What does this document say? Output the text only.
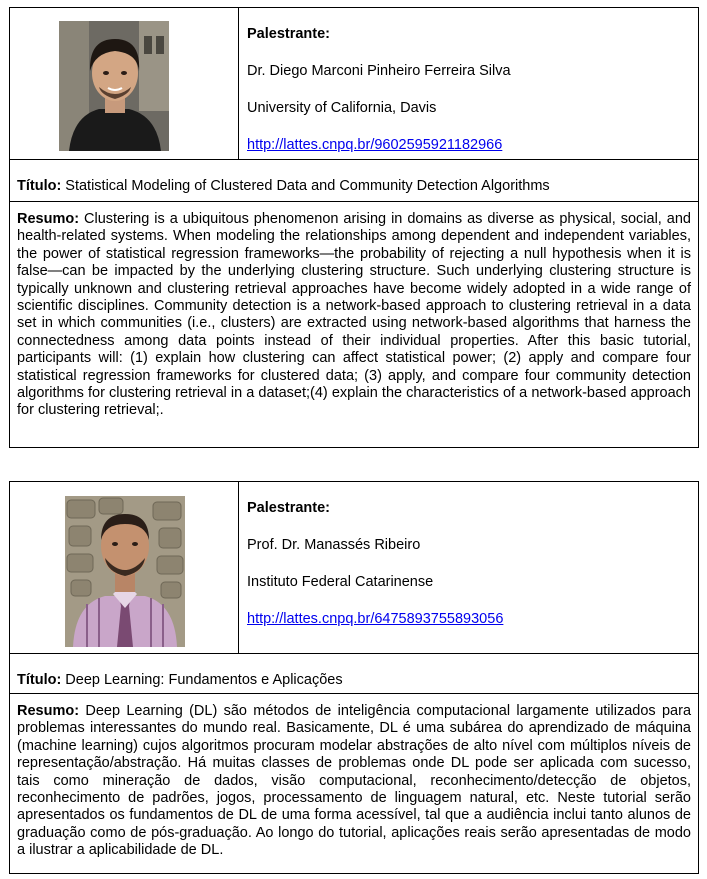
Palestrante:

Dr. Diego Marconi Pinheiro Ferreira Silva

University of California, Davis

http://lattes.cnpq.br/9602595921182966

Título: Statistical Modeling of Clustered Data and Community Detection Algorithms
Resumo: Clustering is a ubiquitous phenomenon arising in domains as diverse as physical, social, and health-related systems. When modeling the relationships among dependent and independent variables, the power of statistical regression frameworks—the probability of rejecting a null hypothesis when it is false—can be impacted by the underlying clustering structure. Such underlying clustering structure is typically unknown and clustering retrieval approaches have become widely adopted in a wide range of scientific disciplines. Community detection is a network-based approach to clustering retrieval in a data set in which communities (i.e., clusters) are extracted using network-based algorithms that harness the connectedness among data points instead of their individual properties. After this basic tutorial, participants will: (1) explain how clustering can affect statistical power; (2) apply and compare four statistical regression frameworks for clustered data; (3) apply, and compare four community detection algorithms for clustering retrieval in a dataset;(4) explain the characteristics of a network-based approach for clustering retrieval;.

Palestrante:

Prof. Dr. Manassés Ribeiro

Instituto Federal Catarinense

http://lattes.cnpq.br/6475893755893056

Título: Deep Learning: Fundamentos e Aplicações
Resumo: Deep Learning (DL) são métodos de inteligência computacional largamente utilizados para problemas interessantes do mundo real. Basicamente, DL é uma subárea do aprendizado de máquina (machine learning) cujos algoritmos procuram modelar abstrações de alto nível com múltiplos níveis de representação/abstração. Há muitas classes de problemas onde DL pode ser aplicada com sucesso, tais como mineração de dados, visão computacional, reconhecimento/detecção de objetos, reconhecimento de padrões, jogos, processamento de linguagem natural, etc. Neste tutorial serão apresentados os fundamentos de DL de uma forma acessível, tal que a audiência inclui tanto alunos de graduação como de pós-graduação. Ao longo do tutorial, aplicações reais serão apresentadas de modo a ilustrar a aplicabilidade de DL.
